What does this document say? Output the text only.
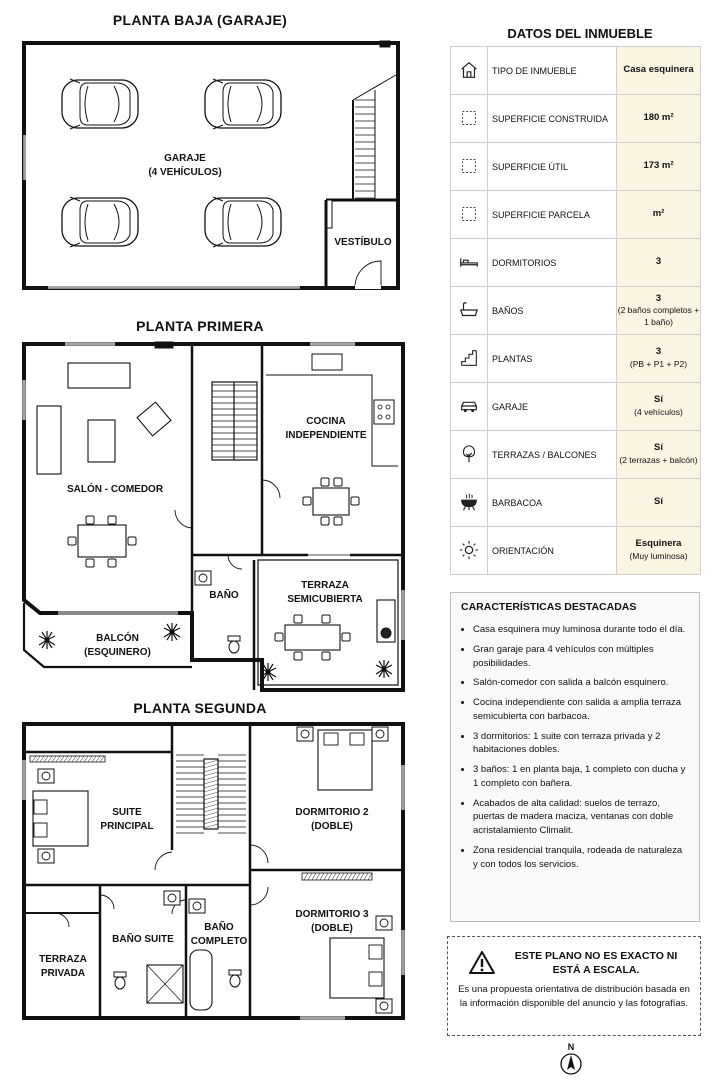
PLANTA BAJA (GARAJE)
PLANTA PRIMERA
PLANTA SEGUNDA
GARAJE
(4 VEHÍCULOS)
VESTÍBULO
SALÓN - COMEDOR
COCINA
INDEPENDIENTE
BAÑO
BALCÓN
(ESQUINERO)
TERRAZA
SEMICUBIERTA
SUITE
PRINCIPAL
DORMITORIO 2
(DOBLE)
DORMITORIO 3
(DOBLE)
BAÑO SUITE
BAÑO
COMPLETO
TERRAZA
PRIVADA
DATOS DEL INMUEBLE
	TIPO DE INMUEBLE	Casa esquinera
	SUPERFICIE CONSTRUIDA	180 m²
	SUPERFICIE ÚTIL	173 m²
	SUPERFICIE PARCELA	m²
	DORMITORIOS	3
	BAÑOS	3
(2 baños completos + 1 baño)

	PLANTAS	3
(PB + P1 + P2)

	GARAJE	Sí
(4 vehículos)

	TERRAZAS / BALCONES	Sí
(2 terrazas + balcón)

	BARBACOA	Sí
	ORIENTACIÓN	Esquinera
(Muy luminosa)
CARACTERÍSTICAS DESTACADAS
• Casa esquinera muy luminosa durante todo el día.
• Gran garaje para 4 vehículos con múltiples posibilidades.
• Salón-comedor con salida a balcón esquinero.
• Cocina independiente con salida a amplia terraza semicubierta con barbacoa.
• 3 dormitorios: 1 suite con terraza privada y 2 habitaciones dobles.
• 3 baños: 1 en planta baja, 1 completo con ducha y 1 completo con bañera.
• Acabados de alta calidad: suelos de terrazo, puertas de madera maciza, ventanas con doble acristalamiento Climalit.
• Zona residencial tranquila, rodeada de naturaleza y con todos los servicios.
ESTE PLANO NO ES EXACTO NI ESTÁ A ESCALA.
Es una propuesta orientativa de distribución basada en la información disponible del anuncio y las fotografías.
N
